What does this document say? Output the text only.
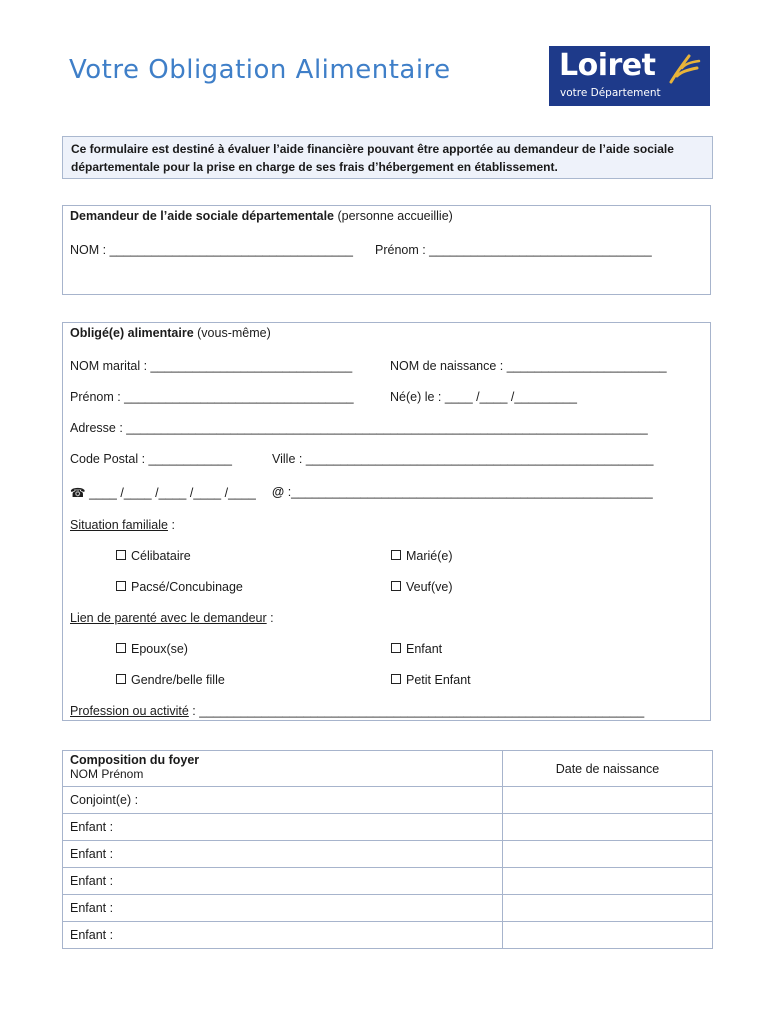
Votre Obligation Alimentaire	Loiret
votre Département
Ce formulaire est destiné à évaluer l’aide financière pouvant être apportée au demandeur de l’aide sociale
départementale pour la prise en charge de ses frais d’hébergement en établissement.
Demandeur de l’aide sociale départementale (personne accueillie)
NOM : ___________________________________ Prénom : ________________________________
Obligé(e) alimentaire (vous-même)
NOM marital : _____________________________	NOM de naissance : _______________________
Prénom : _________________________________	Né(e) le : ____ /____ /_________
Adresse : ___________________________________________________________________________
Code Postal : ____________	Ville : __________________________________________________
☎ ____ /____ /____ /____ /____ @ :____________________________________________________
Situation familiale :
Célibataire	Marié(e)
Pacsé/Concubinage	Veuf(ve)
Lien de parenté avec le demandeur :
Epoux(se)	Enfant
Gendre/belle fille	Petit Enfant
Profession ou activité : ________________________________________________________________
Composition du foyer
NOM Prénom	Date de naissance
Conjoint(e) :	
Enfant :	
Enfant :	
Enfant :	
Enfant :	
Enfant :	
